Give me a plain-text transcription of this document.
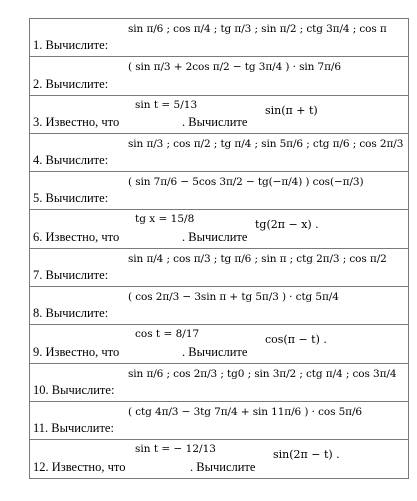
sin π/6 ; cos π/4 ; tg π/3 ; sin π/2 ; ctg 3π/4 ; cos π
1. Вычислите:
( sin π/3 + 2cos π/2 − tg 3π/4 ) · sin 7π/6
2. Вычислите:
sin t = 5/13
. Вычислите
sin(π + t)
3. Известно, что
sin π/3 ; cos π/2 ; tg π/4 ; sin 5π/6 ; ctg π/6 ; cos 2π/3
4. Вычислите:
( sin 7π/6 − 5cos 3π/2 − tg(−π/4) ) cos(−π/3)
5. Вычислите:
tg x = 15/8
. Вычислите
tg(2π − x) .
6. Известно, что
sin π/4 ; cos π/3 ; tg π/6 ; sin π ; ctg 2π/3 ; cos π/2
7. Вычислите:
( cos 2π/3 − 3sin π + tg 5π/3 ) · ctg 5π/4
8. Вычислите:
cos t = 8/17
. Вычислите
cos(π − t) .
9. Известно, что
sin π/6 ; cos 2π/3 ; tg0 ; sin 3π/2 ; ctg π/4 ; cos 3π/4
10. Вычислите:
( ctg 4π/3 − 3tg 7π/4 + sin 11π/6 ) · cos 5π/6
11. Вычислите:
sin t = − 12/13
. Вычислите
sin(2π − t) .
12. Известно, что
